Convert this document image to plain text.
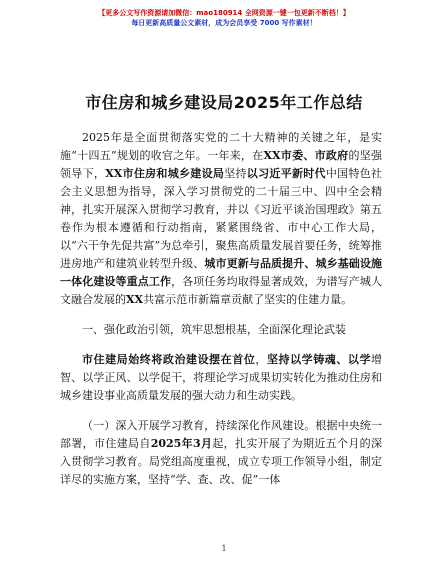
【更多公文写作资源请加微信：mao180914 全网资源一键一包更新不断档！】
每日更新高质量公文素材，成为会员享受 7000 写作素材！
市住房和城乡建设局2025年工作总结

2025年是全面贯彻落实党的二十大精神的关键之年，是实施“十四五”规划的收官之年。一年来，在XX市委、市政府的坚强领导下，XX市住房和城乡建设局坚持以习近平新时代中国特色社会主义思想为指导，深入学习贯彻党的二十届三中、四中全会精神，扎实开展深入贯彻学习教育，并以《习近平谈治国理政》第五卷作为根本遵循和行动指南，紧紧围绕省、市中心工作大局，以“六干争先促共富”为总牵引，聚焦高质量发展首要任务，统筹推进房地产和建筑业转型升级、城市更新与品质提升、城乡基础设施一体化建设等重点工作，各项任务均取得显著成效，为谱写产城人文融合发展的XX共富示范市新篇章贡献了坚实的住建力量。

一、强化政治引领，筑牢思想根基，全面深化理论武装

市住建局始终将政治建设摆在首位，坚持以学铸魂、以学增智、以学正风、以学促干，将理论学习成果切实转化为推动住房和城乡建设事业高质量发展的强大动力和生动实践。

（一）深入开展学习教育，持续深化作风建设。根据中央统一部署，市住建局自2025年3月起，扎实开展了为期近五个月的深入贯彻学习教育。局党组高度重视，成立专项工作领导小组，制定详尽的实施方案，坚持“学、查、改、促”一体

1
